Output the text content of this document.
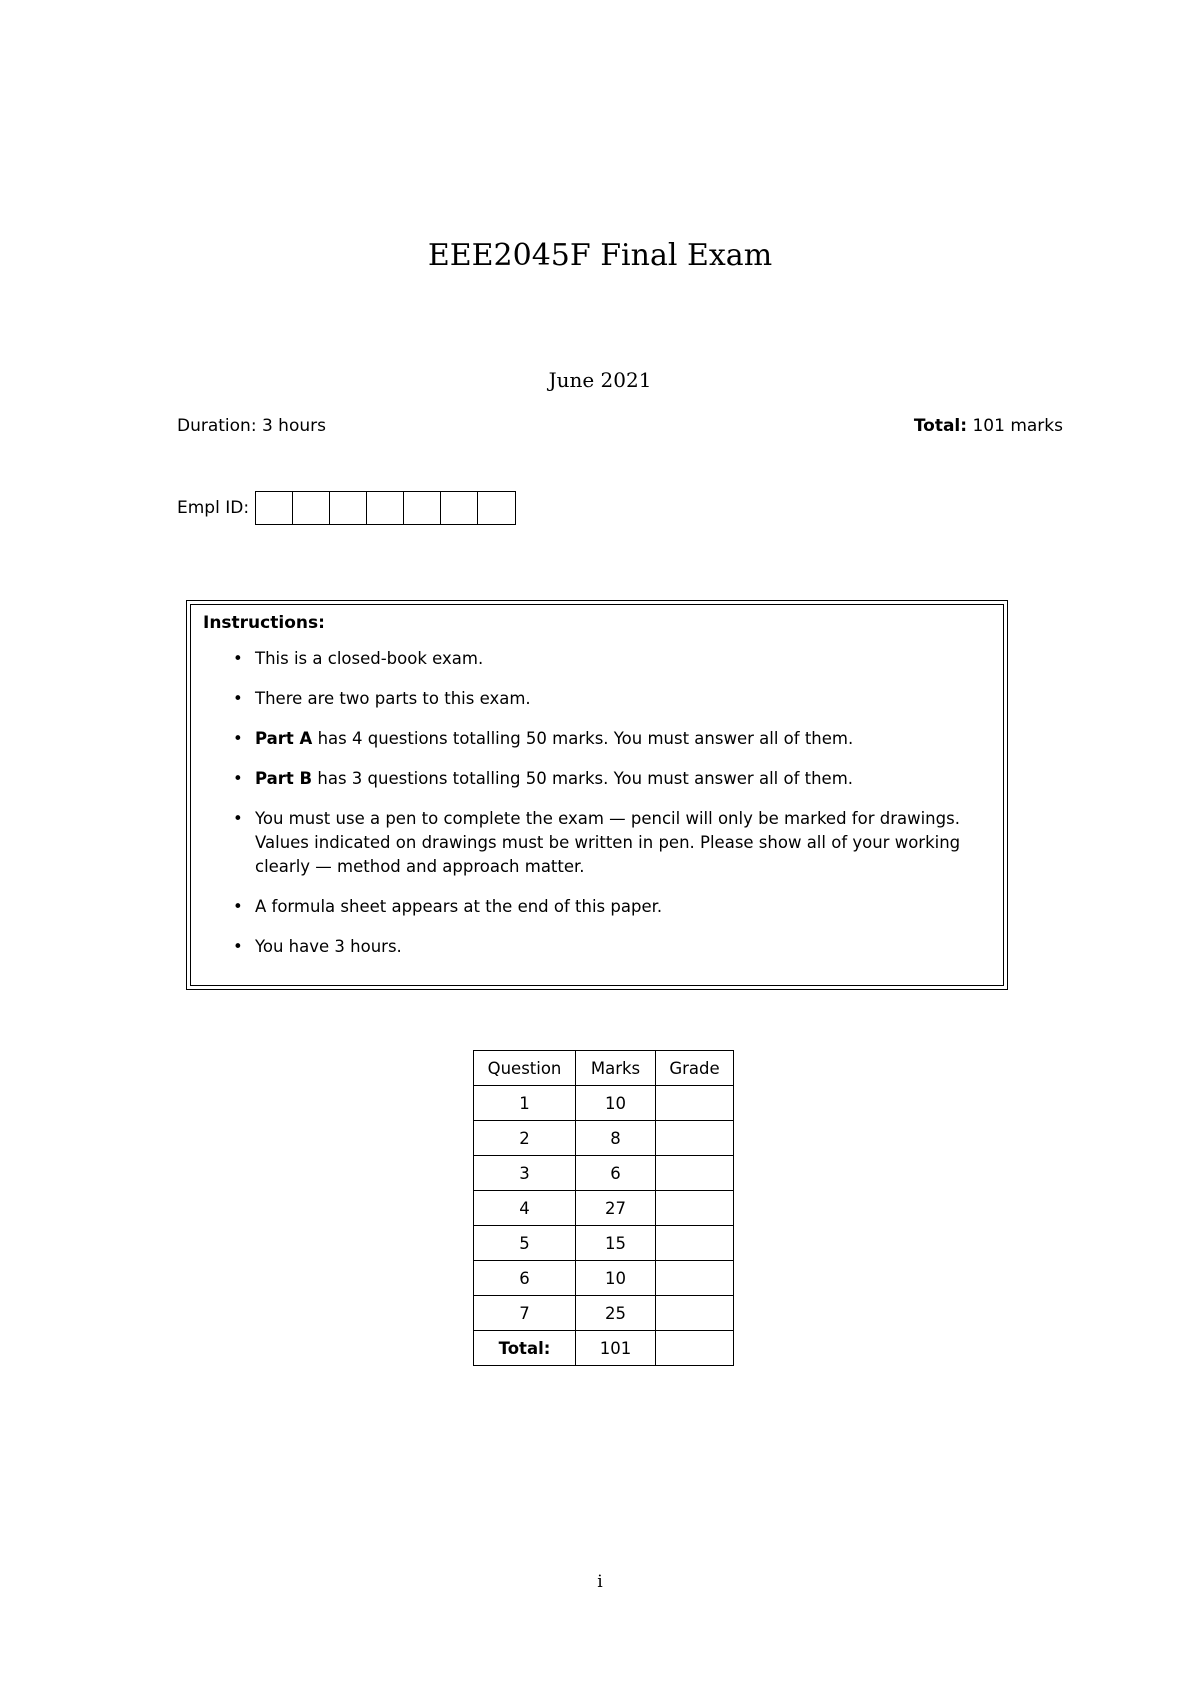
EEE2045F Final Exam
June 2021
Duration: 3 hours	Total: 101 marks
Empl ID:
Instructions:
• This is a closed-book exam.
• There are two parts to this exam.
• Part A has 4 questions totalling 50 marks. You must answer all of them.
• Part B has 3 questions totalling 50 marks. You must answer all of them.
• You must use a pen to complete the exam — pencil will only be marked for drawings. Values indicated on drawings must be written in pen. Please show all of your working clearly — method and approach matter.
• A formula sheet appears at the end of this paper.
• You have 3 hours.
Question	Marks	Grade
1	10	
2	8	
3	6	
4	27	
5	15	
6	10	
7	25	
Total:	101	
i
